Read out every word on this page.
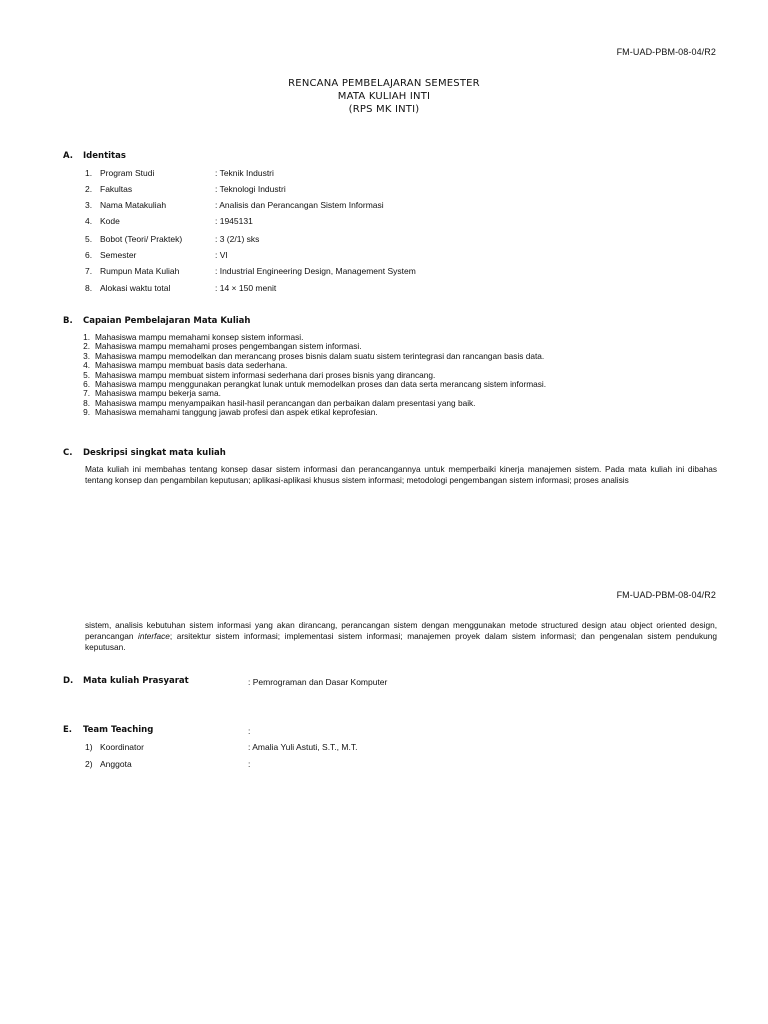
FM-UAD-PBM-08-04/R2
RENCANA PEMBELAJARAN SEMESTER
MATA KULIAH INTI
(RPS MK INTI)
A. Identitas
1. Program Studi	: Teknik Industri
2. Fakultas	: Teknologi Industri
3. Nama Matakuliah	: Analisis dan Perancangan Sistem Informasi
4. Kode	: 1945131
5. Bobot (Teori/ Praktek)	: 3 (2/1) sks
6. Semester	: VI
7. Rumpun Mata Kuliah	: Industrial Engineering Design, Management System
8. Alokasi waktu total	: 14 × 150 menit
B. Capaian Pembelajaran Mata Kuliah
1. Mahasiswa mampu memahami konsep sistem informasi.
2. Mahasiswa mampu memahami proses pengembangan sistem informasi.
3. Mahasiswa mampu memodelkan dan merancang proses bisnis dalam suatu sistem terintegrasi dan rancangan basis data.
4. Mahasiswa mampu membuat basis data sederhana.
5. Mahasiswa mampu membuat sistem informasi sederhana dari proses bisnis yang dirancang.
6. Mahasiswa mampu menggunakan perangkat lunak untuk memodelkan proses dan data serta merancang sistem informasi.
7. Mahasiswa mampu bekerja sama.
8. Mahasiswa mampu menyampaikan hasil-hasil perancangan dan perbaikan dalam presentasi yang baik.
9. Mahasiswa memahami tanggung jawab profesi dan aspek etikal keprofesian.
C. Deskripsi singkat mata kuliah
Mata kuliah ini membahas tentang konsep dasar sistem informasi dan perancangannya untuk memperbaiki kinerja manajemen sistem. Pada mata kuliah ini dibahas tentang konsep dan pengambilan keputusan; aplikasi-aplikasi khusus sistem informasi; metodologi pengembangan sistem informasi; proses analisis
FM-UAD-PBM-08-04/R2
sistem, analisis kebutuhan sistem informasi yang akan dirancang, perancangan sistem dengan menggunakan metode structured design atau object oriented design, perancangan interface; arsitektur sistem informasi; implementasi sistem informasi; manajemen proyek dalam sistem informasi; dan pengenalan sistem pendukung keputusan.
D. Mata kuliah Prasyarat	: Pemrograman dan Dasar Komputer
E. Team Teaching	:
1) Koordinator	: Amalia Yuli Astuti, S.T., M.T.
2) Anggota	:
